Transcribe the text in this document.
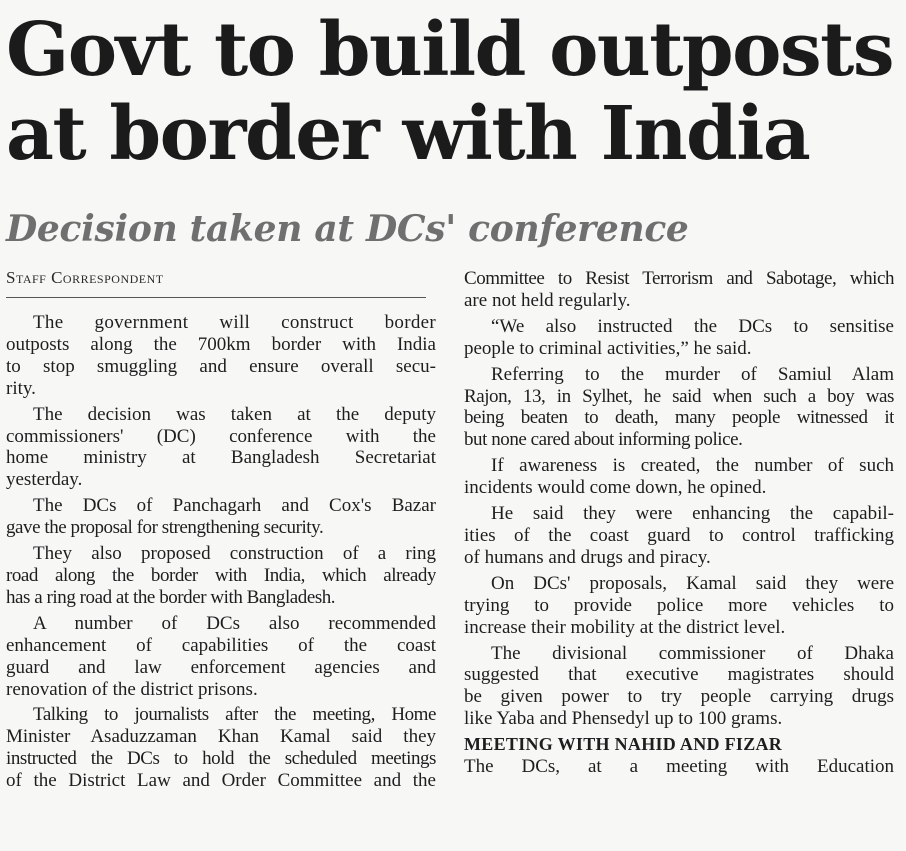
Govt to build outposts
at border with India
Decision taken at DCs' conference
Staff Correspondent

The government will construct border
outposts along the 700km border with India
to stop smuggling and ensure overall secu-
rity.

The decision was taken at the deputy
commissioners' (DC) conference with the
home ministry at Bangladesh Secretariat
yesterday.

The DCs of Panchagarh and Cox's Bazar
gave the proposal for strengthening security.

They also proposed construction of a ring
road along the border with India, which already
has a ring road at the border with Bangladesh.

A number of DCs also recommended
enhancement of capabilities of the coast
guard and law enforcement agencies and
renovation of the district prisons.

Talking to journalists after the meeting, Home
Minister Asaduzzaman Khan Kamal said they
instructed the DCs to hold the scheduled meetings
of the District Law and Order Committee and the

Committee to Resist Terrorism and Sabotage, which
are not held regularly.

“We also instructed the DCs to sensitise
people to criminal activities,” he said.

Referring to the murder of Samiul Alam
Rajon, 13, in Sylhet, he said when such a boy was
being beaten to death, many people witnessed it
but none cared about informing police.

If awareness is created, the number of such
incidents would come down, he opined.

He said they were enhancing the capabil-
ities of the coast guard to control trafficking
of humans and drugs and piracy.

On DCs' proposals, Kamal said they were
trying to provide police more vehicles to
increase their mobility at the district level.

The divisional commissioner of Dhaka
suggested that executive magistrates should
be given power to try people carrying drugs
like Yaba and Phensedyl up to 100 grams.

MEETING WITH NAHID AND FIZAR
The DCs, at a meeting with Education
